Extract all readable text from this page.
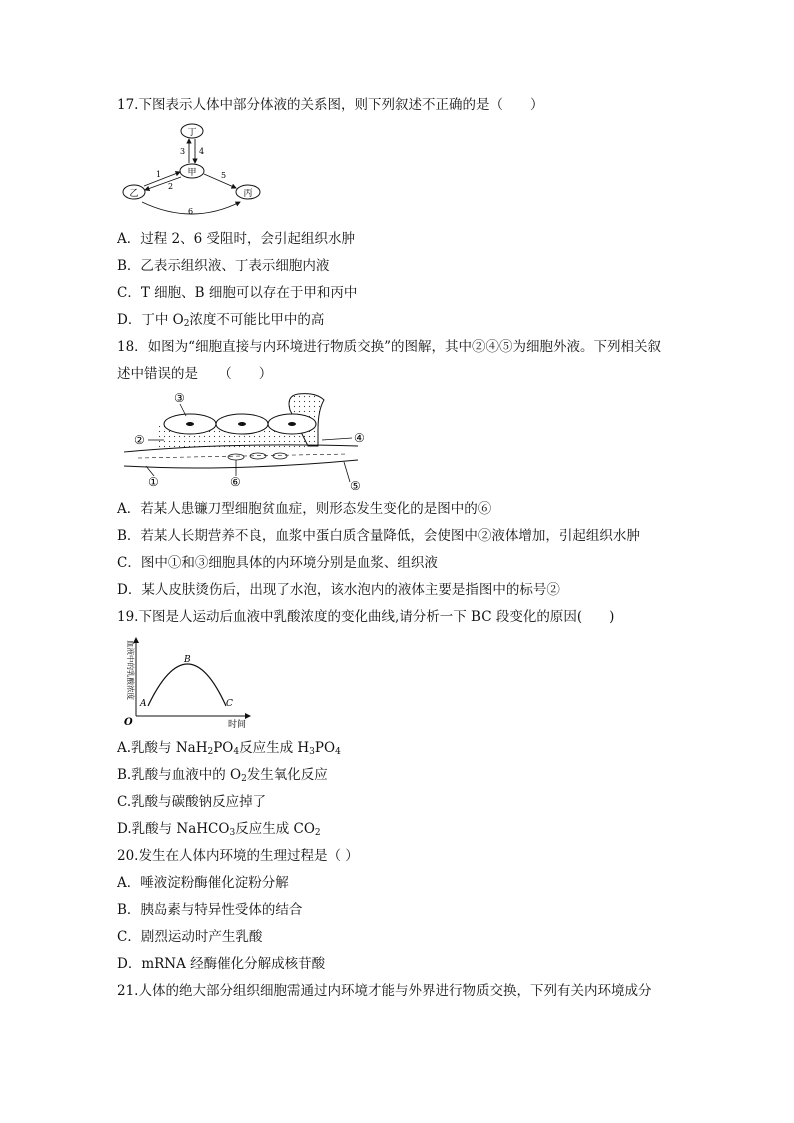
17.下图表示人体中部分体液的关系图，则下列叙述不正确的是（　　）
丁
甲
乙	丙
3 4
1
2
5
6
A．过程 2、6 受阻时，会引起组织水肿
B．乙表示组织液、丁表示细胞内液
C．T 细胞、B 细胞可以存在于甲和丙中
D．丁中 $O_2$浓度不可能比甲中的高
18．如图为“细胞直接与内环境进行物质交换”的图解，其中②④⑤为细胞外液。下列相关叙
述中错误的是　　（　　）
③
②	④
①	⑥	⑤
A．若某人患镰刀型细胞贫血症，则形态发生变化的是图中的⑥
B．若某人长期营养不良，血浆中蛋白质含量降低，会使图中②液体增加，引起组织水肿
C．图中①和③细胞具体的内环境分别是血浆、组织液
D．某人皮肤烫伤后，出现了水泡，该水泡内的液体主要是指图中的标号②
19.下图是人运动后血液中乳酸浓度的变化曲线,请分析一下 BC 段变化的原因(　　)
血液中的乳酸浓度
时间
O
A
B
C
A.乳酸与 $NaH_2PO_4$反应生成 $H_3PO_4$
B.乳酸与血液中的 $O_2$发生氧化反应
C.乳酸与碳酸钠反应掉了
D.乳酸与 NaHCO$_3$反应生成 $CO_2$
20.发生在人体内环境的生理过程是（ ）
A．唾液淀粉酶催化淀粉分解
B．胰岛素与特异性受体的结合
C．剧烈运动时产生乳酸
D．mRNA 经酶催化分解成核苷酸
21.人体的绝大部分组织细胞需通过内环境才能与外界进行物质交换，下列有关内环境成分
